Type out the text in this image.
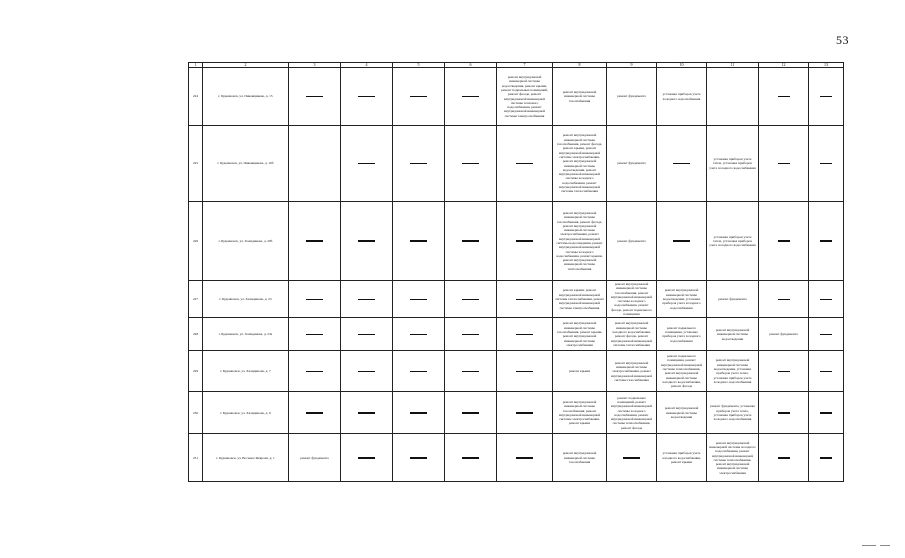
53
1	2	3	4	5	6	7	8	9	10	11	12	13
224	г. Буденновск, ул. Пиковщикова, д. 15					ремонт внутридомовой инженерной системы водоотведения, ремонт крыши, ремонт подвальных помещений, ремонт фасада, ремонт внутридомовой инженерной системы теплового водоснабжения, ремонт внутридомовой инженерной системы электроснабжения	ремонт внутридомовой инженерной системы газоснабжения	ремонт фундамента	установка приборов учета холодного водоснабжения			
225	г. Буденновск, ул. Пиковщикова, д. 19б						ремонт внутридомовой инженерной системы газоснабжения, ремонт фасада, ремонт крыши, ремонт внутридомовой инженерной системы электроснабжения, ремонт внутридомовой инженерной системы водоотведения, ремонт внутридомовой инженерной системы холодного водоснабжения, ремонт внутридомовой инженерной системы теплоснабжения	ремонт фундамента		установка приборов учета тепла, установка приборов учета холодного водоснабжения		
226	г. Буденновск, ул. Халидинова, д. 20б						ремонт внутридомовой инженерной системы газоснабжения, ремонт фасада, ремонт внутридомовой инженерной системы электроснабжения, ремонт внутридомовой инженерной системы водоотведения, ремонт внутридомовой инженерной системы холодного водоснабжения, ремонт крыши, ремонт внутридомовой инженерной системы теплоснабжения	ремонт фундамента		установка приборов учета тепла, установка приборов учета холодного водоснабжения		
227	г. Буденновск, ул. Халидинова, д. 23						ремонт крыши, ремонт внутридомовой инженерной системы теплоснабжения, ремонт внутридомовой инженерной системы электроснабжения	ремонт внутридомовой инженерной системы газоснабжения, ремонт внутридомовой инженерной системы холодного водоснабжения, ремонт фасада, ремонт подвального помещения	ремонт внутридомовой инженерной системы водоотведения, установка приборов учета холодного водоснабжения	ремонт фундамента		
228	г. Буденновск, ул. Халидинова, д. 23а						ремонт внутридомовой инженерной системы газоснабжения, ремонт крыши, ремонт внутридомовой инженерной системы электроснабжения	ремонт внутридомовой инженерной системы холодного водоснабжения, ремонт фасада, ремонт внутридомовой инженерной системы теплоснабжения	ремонт подвального помещения, установка приборов учета холодного водоснабжения	ремонт внутридомовой инженерной системы водоотведения	ремонт фундамента	
229	г. Буденновск, ул. Халидинова, д. 7						ремонт крыши	ремонт внутридомовой инженерной системы электроснабжения, ремонт внутридомовой инженерной системы газоснабжения	ремонт подвального помещения, ремонт внутридомовой инженерной системы теплоснабжения, ремонт внутридомовой инженерной системы холодного водоснабжения, ремонт фасада	ремонт внутридомовой инженерной системы водоотведения, установка приборов учета тепла, установка приборов учета холодного водоснабжения		
230	г. Буденновск, ул. Халидинова, д. 9						ремонт внутридомовой инженерной системы газоснабжения, ремонт внутридомовой инженерной системы электроснабжения, ремонт крыши	ремонт подвальных помещений, ремонт внутридомовой инженерной системы холодного водоснабжения, ремонт внутридомовой инженерной системы теплоснабжения, ремонт фасада	ремонт внутридомовой инженерной системы водоотведения	ремонт фундамента, установка приборов учета тепла, установка приборов учета холодного водоснабжения		
231	г. Буденновск, ул. Восьмое Февраля, д. 1	ремонт фундамента					ремонт внутридомовой инженерной системы газоснабжения		установка приборов учета холодного водоснабжения, ремонт крыши	ремонт внутридомовой инженерной системы холодного водоснабжения, ремонт внутридомовой инженерной системы теплоснабжения, ремонт внутридомовой инженерной системы электроснабжения		
